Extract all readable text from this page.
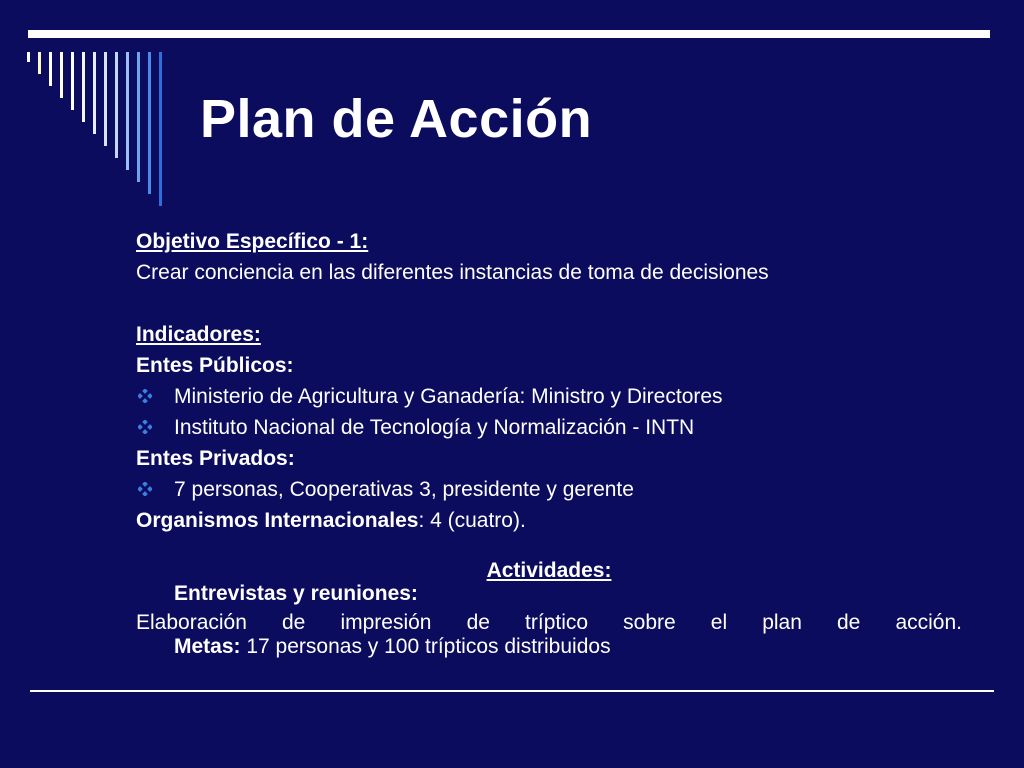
Plan de Acción
Objetivo Específico - 1:
Crear conciencia en las diferentes instancias de toma de decisiones
Indicadores:
Entes Públicos:
Ministerio de Agricultura y Ganadería: Ministro y Directores
Instituto Nacional de Tecnología y Normalización - INTN
Entes Privados:
7 personas, Cooperativas 3, presidente y gerente
Organismos Internacionales: 4 (cuatro).
Actividades:
Entrevistas y reuniones:
Elaboración de impresión de tríptico sobre el plan de acción.
Metas: 17 personas y 100 trípticos distribuidos
